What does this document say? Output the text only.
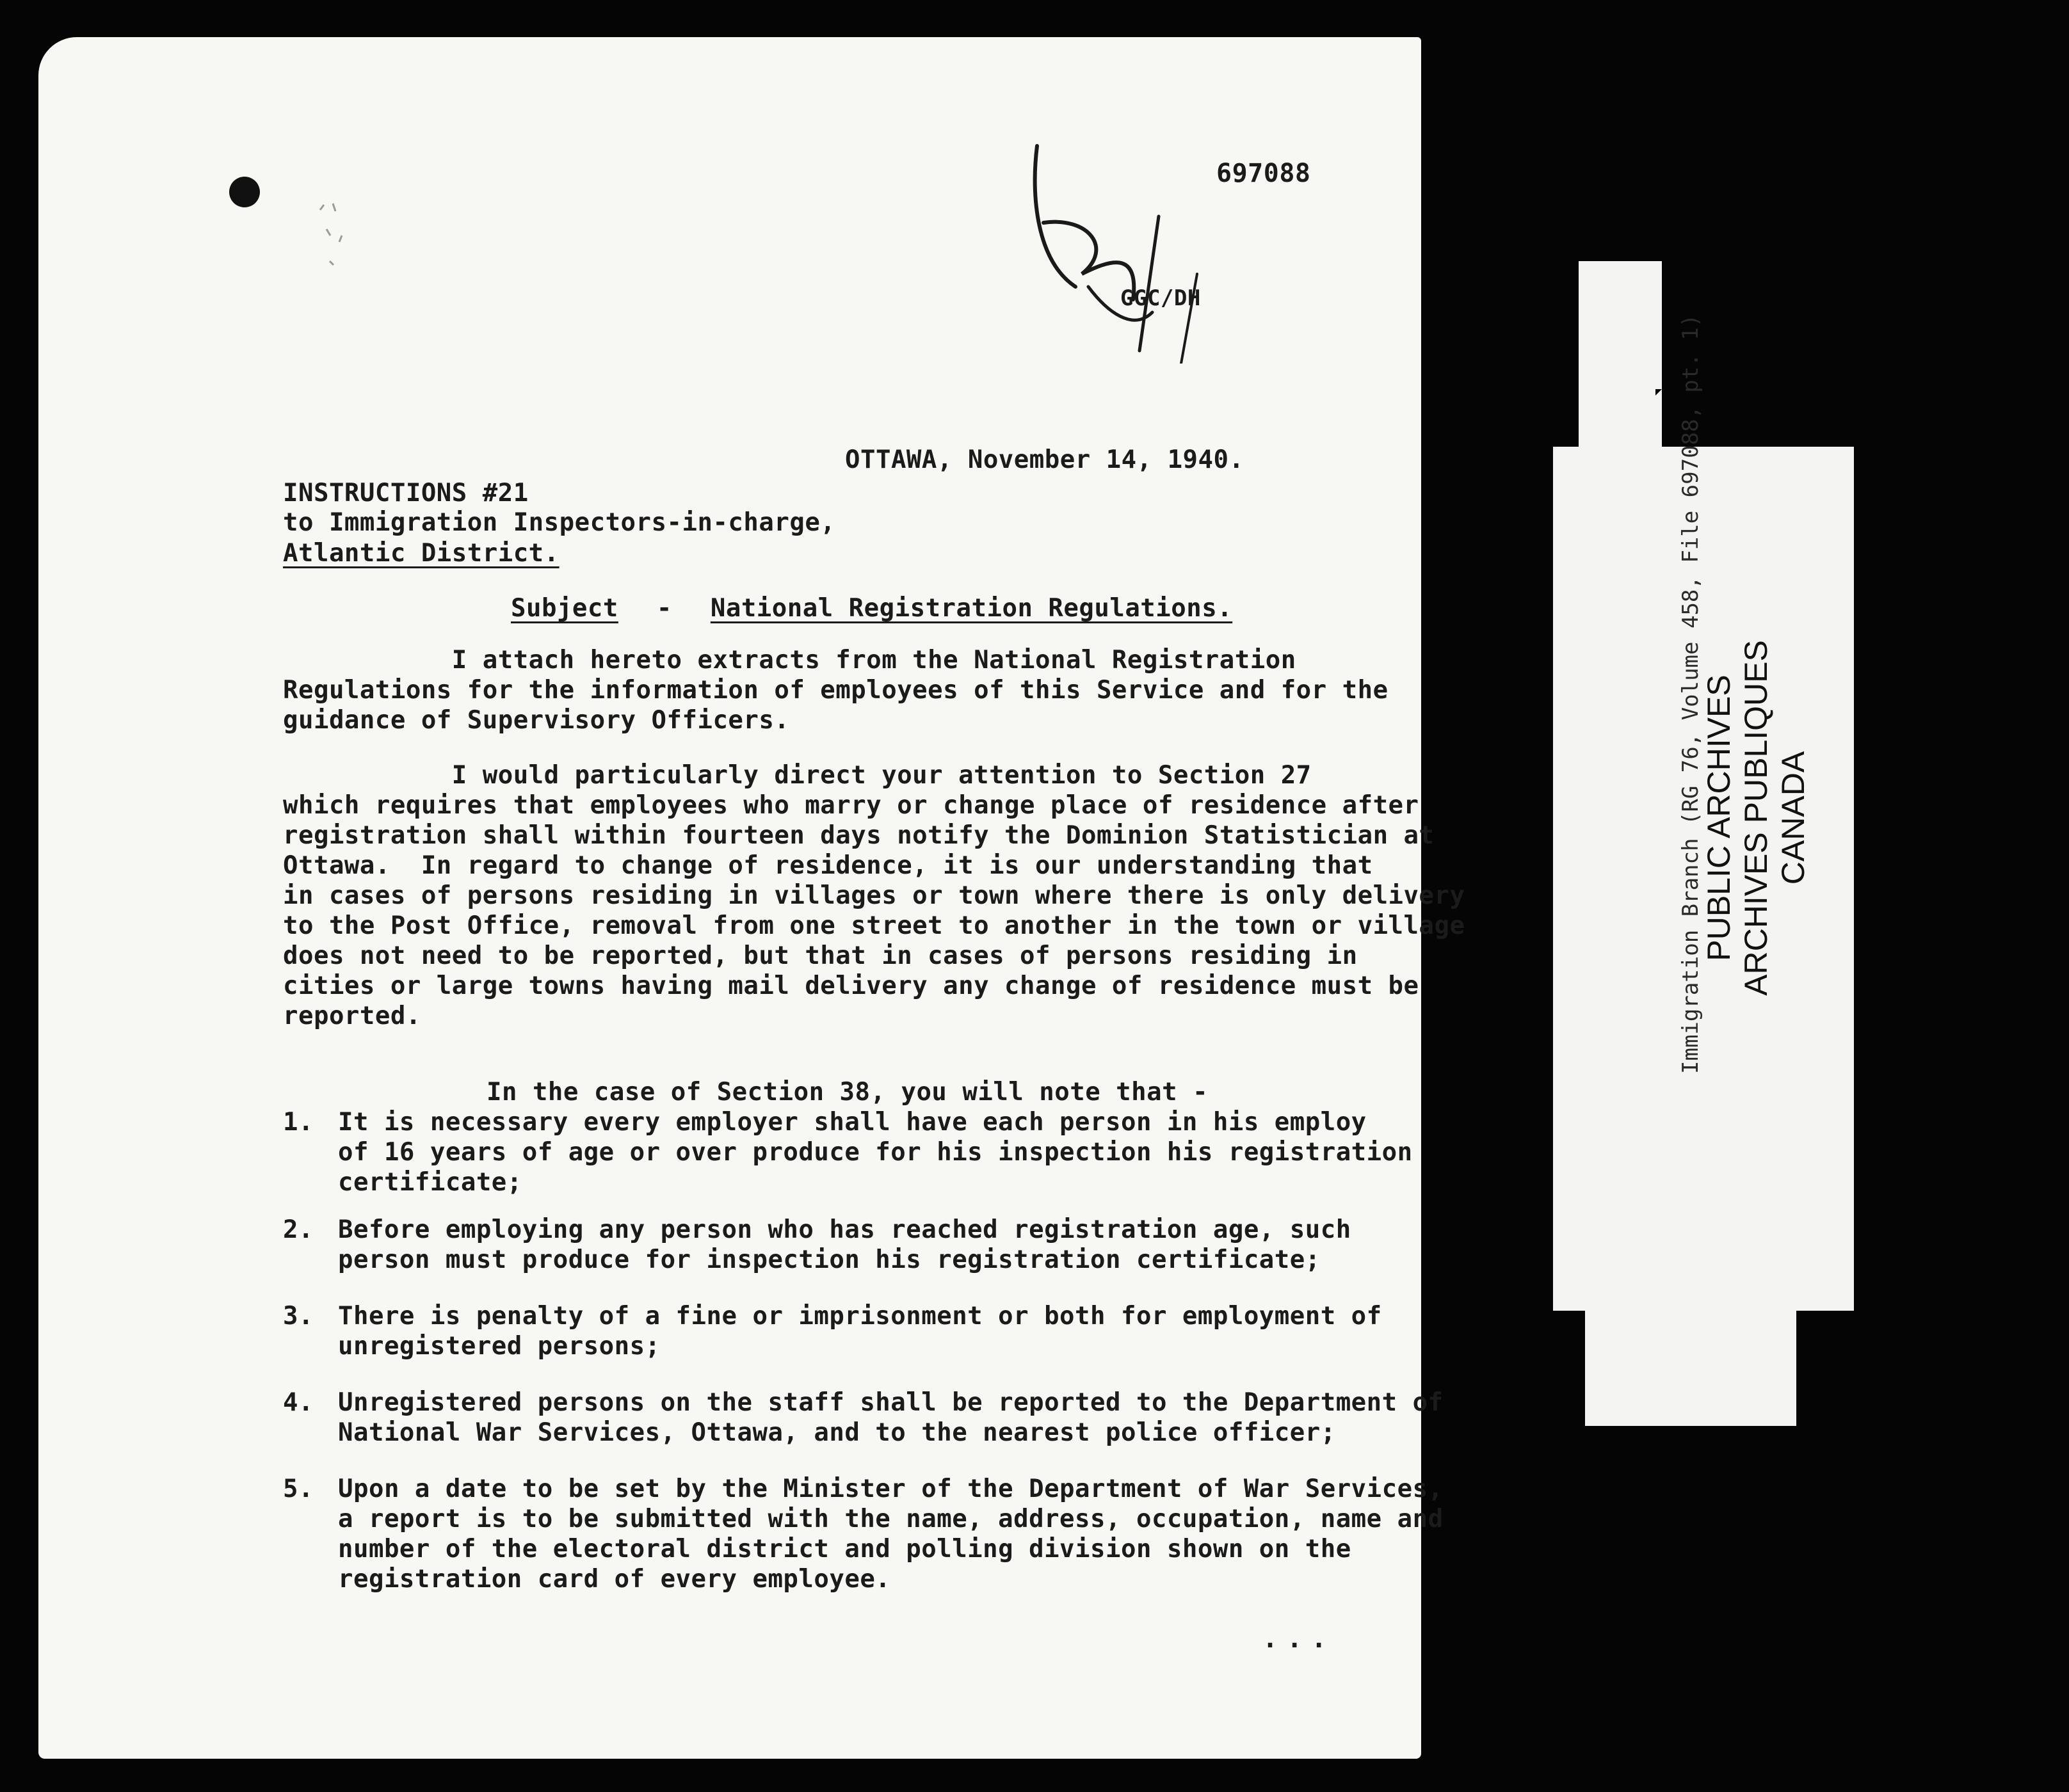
697088
GGC/DH
OTTAWA, November 14, 1940.
INSTRUCTIONS #21
to Immigration Inspectors-in-charge,
Atlantic District.
Subject - National Registration Regulations.
I attach hereto extracts from the National Registration
Regulations for the information of employees of this Service and for the
guidance of Supervisory Officers.
I would particularly direct your attention to Section 27
which requires that employees who marry or change place of residence after
registration shall within fourteen days notify the Dominion Statistician at
Ottawa.  In regard to change of residence, it is our understanding that
in cases of persons residing in villages or town where there is only delivery
to the Post Office, removal from one street to another in the town or village
does not need to be reported, but that in cases of persons residing in
cities or large towns having mail delivery any change of residence must be
reported.
In the case of Section 38, you will note that -
1. It is necessary every employer shall have each person in his employ
of 16 years of age or over produce for his inspection his registration
certificate;
2. Before employing any person who has reached registration age, such
person must produce for inspection his registration certificate;
3. There is penalty of a fine or imprisonment or both for employment of
unregistered persons;
4. Unregistered persons on the staff shall be reported to the Department of
National War Services, Ottawa, and to the nearest police officer;
5. Upon a date to be set by the Minister of the Department of War Services,
a report is to be submitted with the name, address, occupation, name and
number of the electoral district and polling division shown on the
registration card of every employee.
...
Immigration Branch (RG 76, Volume 458, File 697088, pt. 1)
PUBLIC ARCHIVES ARCHIVES PUBLIQUES CANADA
